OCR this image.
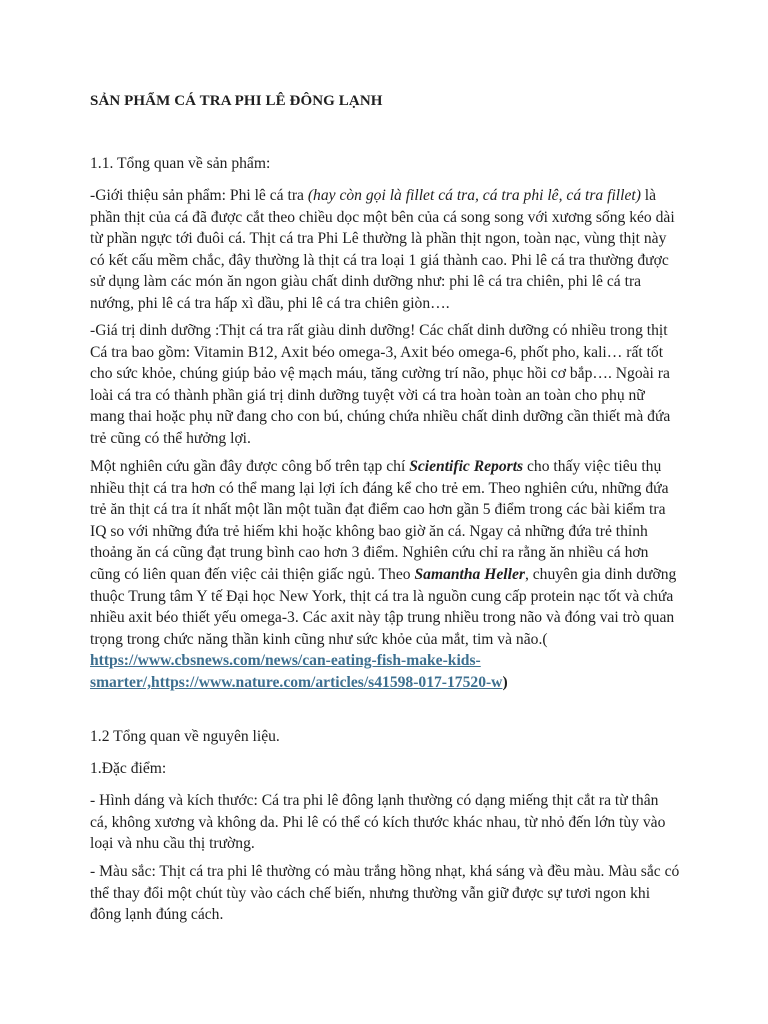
SẢN PHẨM CÁ TRA PHI LÊ ĐÔNG LẠNH

1.1. Tổng quan về sản phẩm:

-Giới thiệu sản phẩm: Phi lê cá tra (hay còn gọi là fillet cá tra, cá tra phi lê, cá tra fillet) là phần thịt của cá đã được cắt theo chiều dọc một bên của cá song song với xương sống kéo dài từ phần ngực tới đuôi cá. Thịt cá tra Phi Lê thường là phần thịt ngon, toàn nạc, vùng thịt này có kết cấu mềm chắc, đây thường là thịt cá tra loại 1 giá thành cao. Phi lê cá tra thường được sử dụng làm các món ăn ngon giàu chất dinh dưỡng như: phi lê cá tra chiên, phi lê cá tra nướng, phi lê cá tra hấp xì dầu, phi lê cá tra chiên giòn….

-Giá trị dinh dưỡng :Thịt cá tra rất giàu dinh dưỡng! Các chất dinh dưỡng có nhiều trong thịt Cá tra bao gồm: Vitamin B12, Axit béo omega-3, Axit béo omega-6, phốt pho, kali… rất tốt cho sức khỏe, chúng giúp bảo vệ mạch máu, tăng cường trí não, phục hồi cơ bắp…. Ngoài ra loài cá tra có thành phần giá trị dinh dưỡng tuyệt vời cá tra hoàn toàn an toàn cho phụ nữ mang thai hoặc phụ nữ đang cho con bú, chúng chứa nhiều chất dinh dưỡng cần thiết mà đứa trẻ cũng có thể hưởng lợi.

Một nghiên cứu gần đây được công bố trên tạp chí Scientific Reports cho thấy việc tiêu thụ nhiều thịt cá tra hơn có thể mang lại lợi ích đáng kể cho trẻ em. Theo nghiên cứu, những đứa trẻ ăn thịt cá tra ít nhất một lần một tuần đạt điểm cao hơn gần 5 điểm trong các bài kiểm tra IQ so với những đứa trẻ hiếm khi hoặc không bao giờ ăn cá. Ngay cả những đứa trẻ thỉnh thoảng ăn cá cũng đạt trung bình cao hơn 3 điểm. Nghiên cứu chỉ ra rằng ăn nhiều cá hơn cũng có liên quan đến việc cải thiện giấc ngủ. Theo Samantha Heller, chuyên gia dinh dưỡng thuộc Trung tâm Y tế Đại học New York, thịt cá tra là nguồn cung cấp protein nạc tốt và chứa nhiều axit béo thiết yếu omega-3. Các axit này tập trung nhiều trong não và đóng vai trò quan trọng trong chức năng thần kinh cũng như sức khỏe của mắt, tim và não.( https://www.cbsnews.com/news/can-eating-fish-make-kids-smarter/,https://www.nature.com/articles/s41598-017-17520-w)

1.2 Tổng quan về nguyên liệu.

1.Đặc điểm:

- Hình dáng và kích thước: Cá tra phi lê đông lạnh thường có dạng miếng thịt cắt ra từ thân cá, không xương và không da. Phi lê có thể có kích thước khác nhau, từ nhỏ đến lớn tùy vào loại và nhu cầu thị trường.

- Màu sắc: Thịt cá tra phi lê thường có màu trắng hồng nhạt, khá sáng và đều màu. Màu sắc có thể thay đổi một chút tùy vào cách chế biến, nhưng thường vẫn giữ được sự tươi ngon khi đông lạnh đúng cách.
